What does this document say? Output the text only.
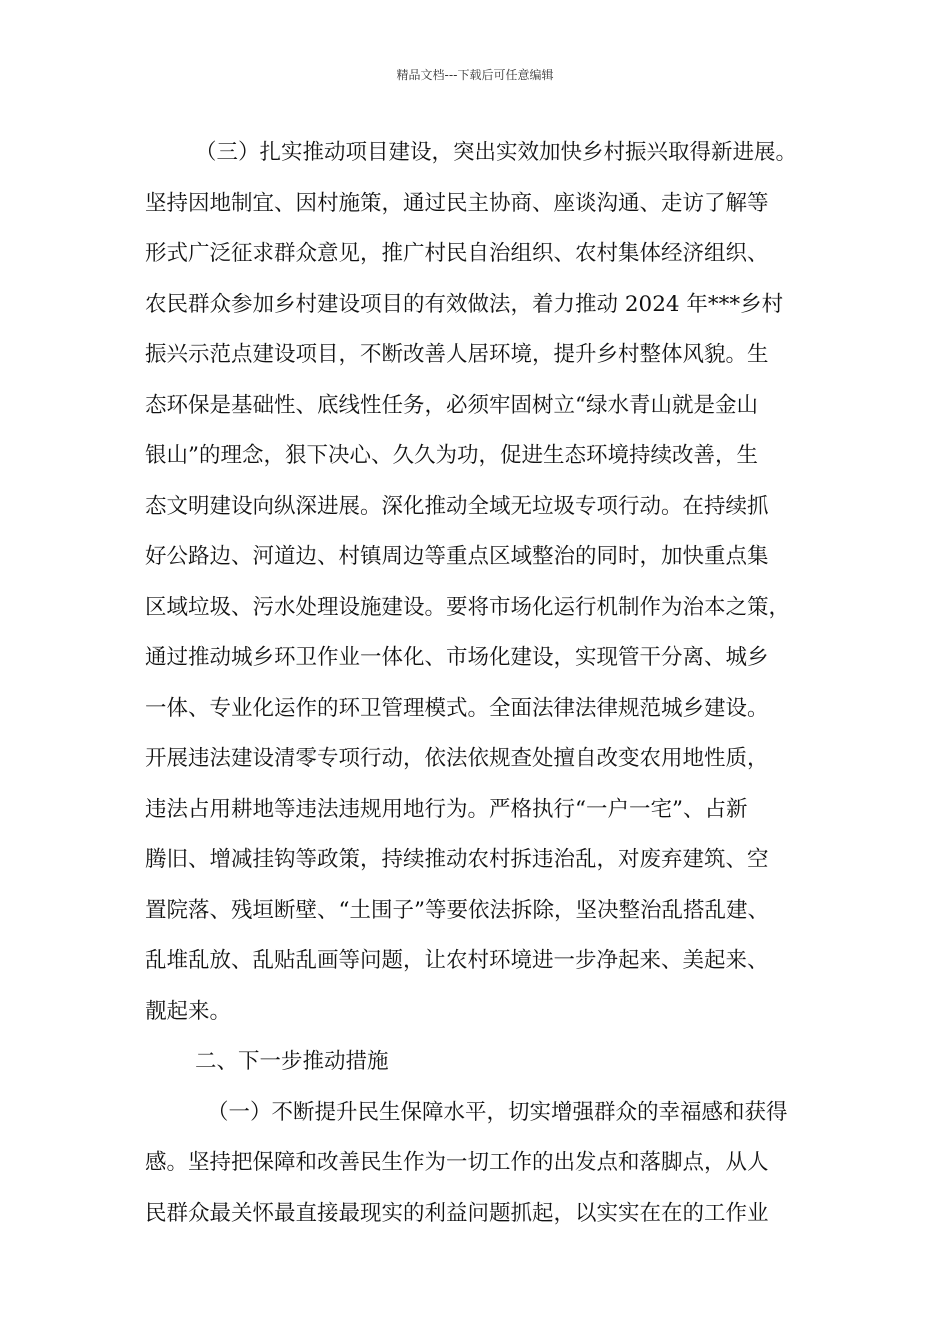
精品文档---下载后可任意编辑
（三）扎实推动项目建设，突出实效加快乡村振兴取得新进展。
坚持因地制宜、因村施策，通过民主协商、座谈沟通、走访了解等
形式广泛征求群众意见，推广村民自治组织、农村集体经济组织、
农民群众参加乡村建设项目的有效做法，着力推动 2024 年***乡村
振兴示范点建设项目，不断改善人居环境，提升乡村整体风貌。生
态环保是基础性、底线性任务，必须牢固树立“绿水青山就是金山
银山”的理念，狠下决心、久久为功，促进生态环境持续改善，生
态文明建设向纵深进展。深化推动全域无垃圾专项行动。在持续抓
好公路边、河道边、村镇周边等重点区域整治的同时，加快重点集
区域垃圾、污水处理设施建设。要将市场化运行机制作为治本之策，
通过推动城乡环卫作业一体化、市场化建设，实现管干分离、城乡
一体、专业化运作的环卫管理模式。全面法律法律规范城乡建设。
开展违法建设清零专项行动，依法依规查处擅自改变农用地性质，
违法占用耕地等违法违规用地行为。严格执行“一户一宅”、占新
腾旧、增减挂钩等政策，持续推动农村拆违治乱，对废弃建筑、空
置院落、残垣断壁、“土围子”等要依法拆除，坚决整治乱搭乱建、
乱堆乱放、乱贴乱画等问题，让农村环境进一步净起来、美起来、
靓起来。
二、下一步推动措施
（一）不断提升民生保障水平，切实增强群众的幸福感和获得
感。坚持把保障和改善民生作为一切工作的出发点和落脚点，从人
民群众最关怀最直接最现实的利益问题抓起，以实实在在的工作业
